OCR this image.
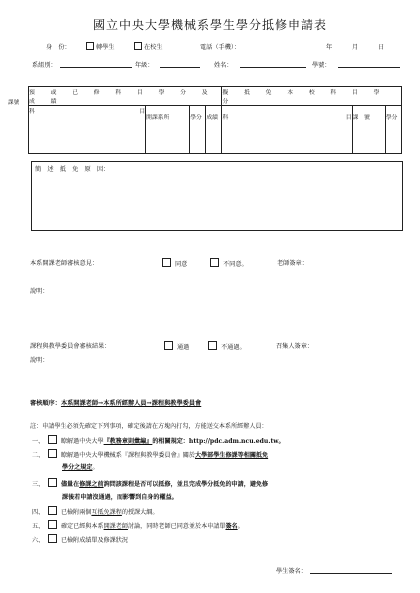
國立中央大學機械系學生學分抵修申請表
身　份：	轉學生	在校生	電話（手機）：	年	月	日
系組別：	年級：	姓名：	學號：
課號
預　或　已　修　科　目　學　分　及　成　績				擬　抵　免　本　校　科　目　學　分		
科 目	開課系所	學分	成績	科 目	課　號	學分
簡　述　抵　免　原　因：
本系開課老師審核意見：	同意	不同意。	老師簽章：
說明：
課程與教學委員會審核結果：	通過	不通過。	召集人簽章：
說明：
審核順序：本系開課老師→本系所經辦人員→課程與教學委員會
註：申請學生必須先確定下列事項，確定後請在方塊內打勾，方能送交本系所經辦人員：
一、	瞭解過中央大學『教務章則彙編』的相關規定：http://pdc.adm.ncu.edu.tw。
二、	瞭解過中央大學機械系『課程與教學委員會』關於大學部學生修課等相關抵免
學分之規定。
三、	儘量在修課之前詢問該課程是否可以抵修，並且完成學分抵免的申請，避免修
課後若申請沒通過，而影響到自身的權益。
四、	已檢附兩個互抵免課程的授課大綱。
五、	確定已經與本系開課老師討論，同時老師已同意並於本申請單簽名。
六、	已檢附成績單及修課狀況
學生簽名：
